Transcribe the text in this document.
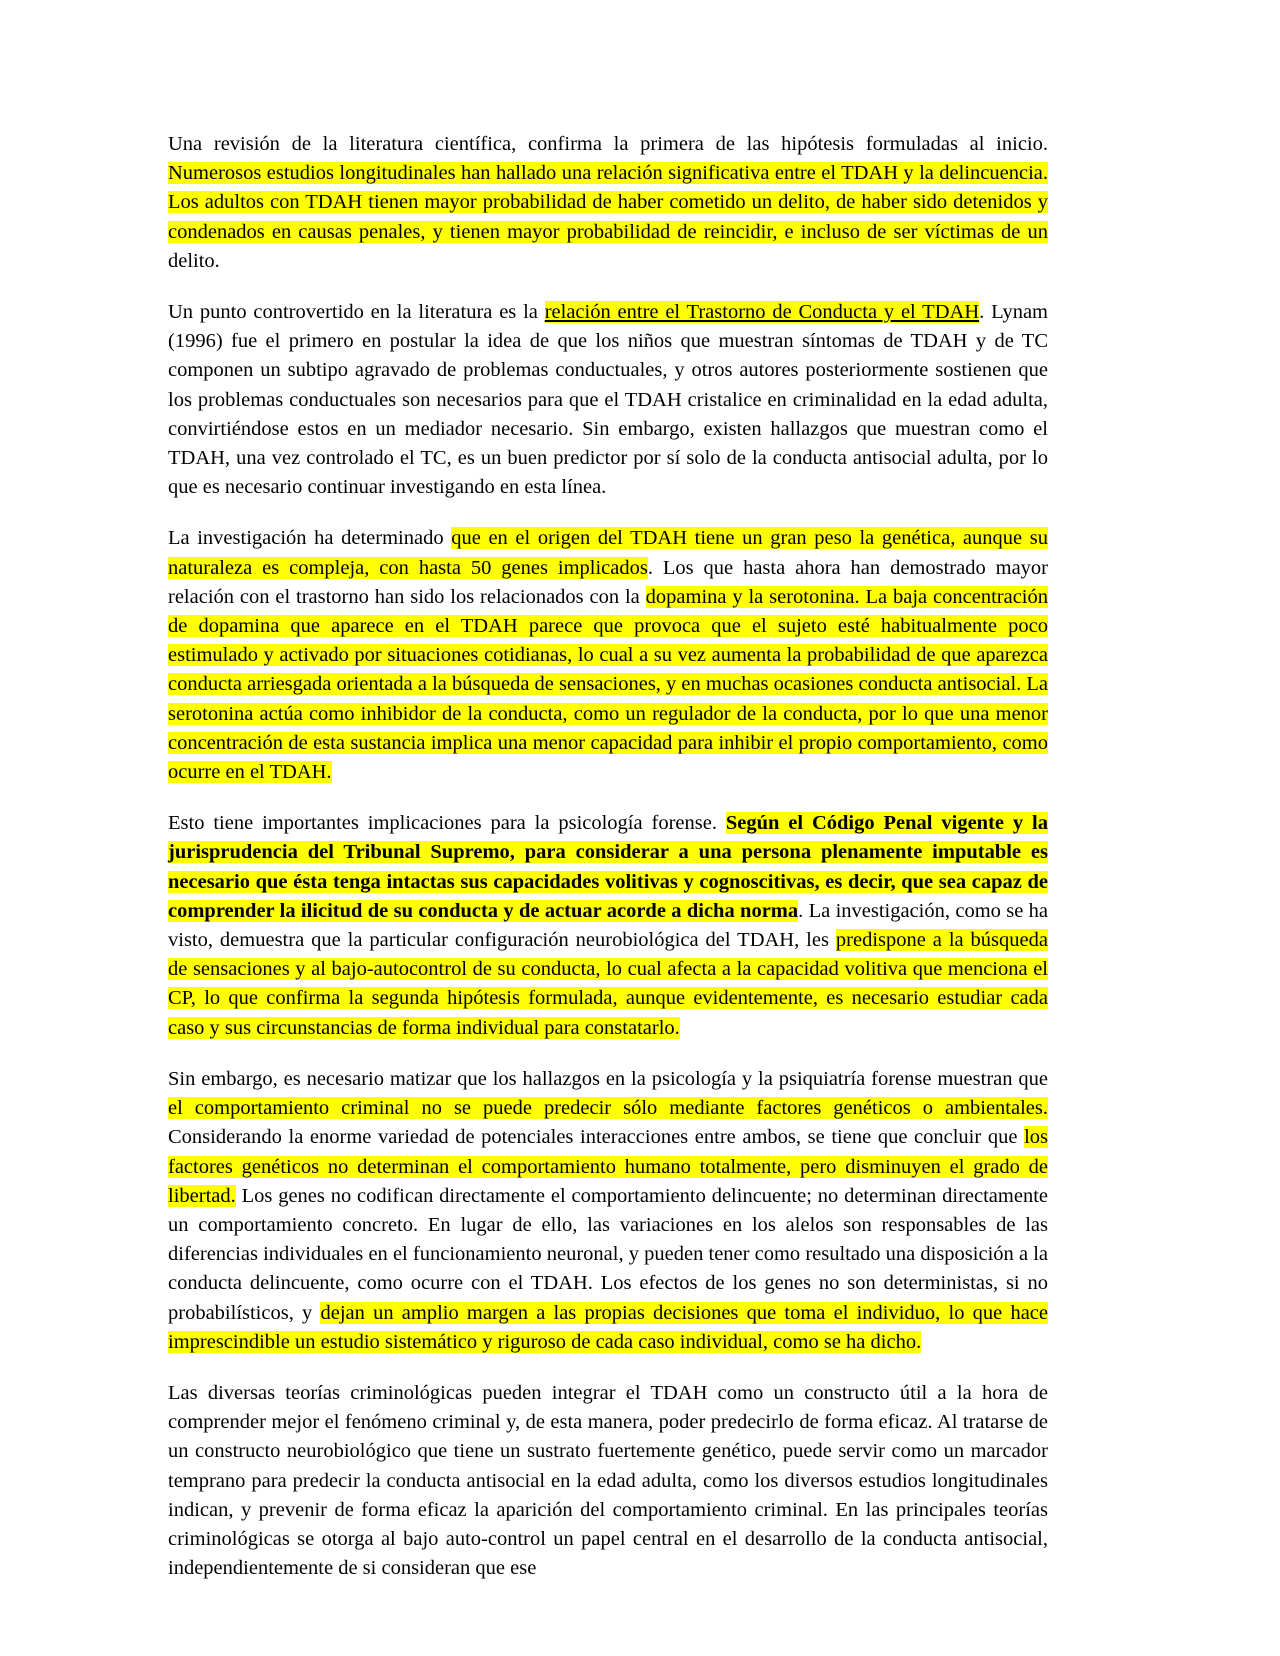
Una revisión de la literatura científica, confirma la primera de las hipótesis formuladas al inicio. Numerosos estudios longitudinales han hallado una relación significativa entre el TDAH y la delincuencia. Los adultos con TDAH tienen mayor probabilidad de haber cometido un delito, de haber sido detenidos y condenados en causas penales, y tienen mayor probabilidad de reincidir, e incluso de ser víctimas de un delito.

Un punto controvertido en la literatura es la relación entre el Trastorno de Conducta y el TDAH. Lynam (1996) fue el primero en postular la idea de que los niños que muestran síntomas de TDAH y de TC componen un subtipo agravado de problemas conductuales, y otros autores posteriormente sostienen que los problemas conductuales son necesarios para que el TDAH cristalice en criminalidad en la edad adulta, convirtiéndose estos en un mediador necesario. Sin embargo, existen hallazgos que muestran como el TDAH, una vez controlado el TC, es un buen predictor por sí solo de la conducta antisocial adulta, por lo que es necesario continuar investigando en esta línea.

La investigación ha determinado que en el origen del TDAH tiene un gran peso la genética, aunque su naturaleza es compleja, con hasta 50 genes implicados. Los que hasta ahora han demostrado mayor relación con el trastorno han sido los relacionados con la dopamina y la serotonina. La baja concentración de dopamina que aparece en el TDAH parece que provoca que el sujeto esté habitualmente poco estimulado y activado por situaciones cotidianas, lo cual a su vez aumenta la probabilidad de que aparezca conducta arriesgada orientada a la búsqueda de sensaciones, y en muchas ocasiones conducta antisocial. La serotonina actúa como inhibidor de la conducta, como un regulador de la conducta, por lo que una menor concentración de esta sustancia implica una menor capacidad para inhibir el propio comportamiento, como ocurre en el TDAH.

Esto tiene importantes implicaciones para la psicología forense. Según el Código Penal vigente y la jurisprudencia del Tribunal Supremo, para considerar a una persona plenamente imputable es necesario que ésta tenga intactas sus capacidades volitivas y cognoscitivas, es decir, que sea capaz de comprender la ilicitud de su conducta y de actuar acorde a dicha norma. La investigación, como se ha visto, demuestra que la particular configuración neurobiológica del TDAH, les predispone a la búsqueda de sensaciones y al bajo-autocontrol de su conducta, lo cual afecta a la capacidad volitiva que menciona el CP, lo que confirma la segunda hipótesis formulada, aunque evidentemente, es necesario estudiar cada caso y sus circunstancias de forma individual para constatarlo.

Sin embargo, es necesario matizar que los hallazgos en la psicología y la psiquiatría forense muestran que el comportamiento criminal no se puede predecir sólo mediante factores genéticos o ambientales. Considerando la enorme variedad de potenciales interacciones entre ambos, se tiene que concluir que los factores genéticos no determinan el comportamiento humano totalmente, pero disminuyen el grado de libertad. Los genes no codifican directamente el comportamiento delincuente; no determinan directamente un comportamiento concreto. En lugar de ello, las variaciones en los alelos son responsables de las diferencias individuales en el funcionamiento neuronal, y pueden tener como resultado una disposición a la conducta delincuente, como ocurre con el TDAH. Los efectos de los genes no son deterministas, si no probabilísticos, y dejan un amplio margen a las propias decisiones que toma el individuo, lo que hace imprescindible un estudio sistemático y riguroso de cada caso individual, como se ha dicho.

Las diversas teorías criminológicas pueden integrar el TDAH como un constructo útil a la hora de comprender mejor el fenómeno criminal y, de esta manera, poder predecirlo de forma eficaz. Al tratarse de un constructo neurobiológico que tiene un sustrato fuertemente genético, puede servir como un marcador temprano para predecir la conducta antisocial en la edad adulta, como los diversos estudios longitudinales indican, y prevenir de forma eficaz la aparición del comportamiento criminal. En las principales teorías criminológicas se otorga al bajo auto-control un papel central en el desarrollo de la conducta antisocial, independientemente de si consideran que ese
